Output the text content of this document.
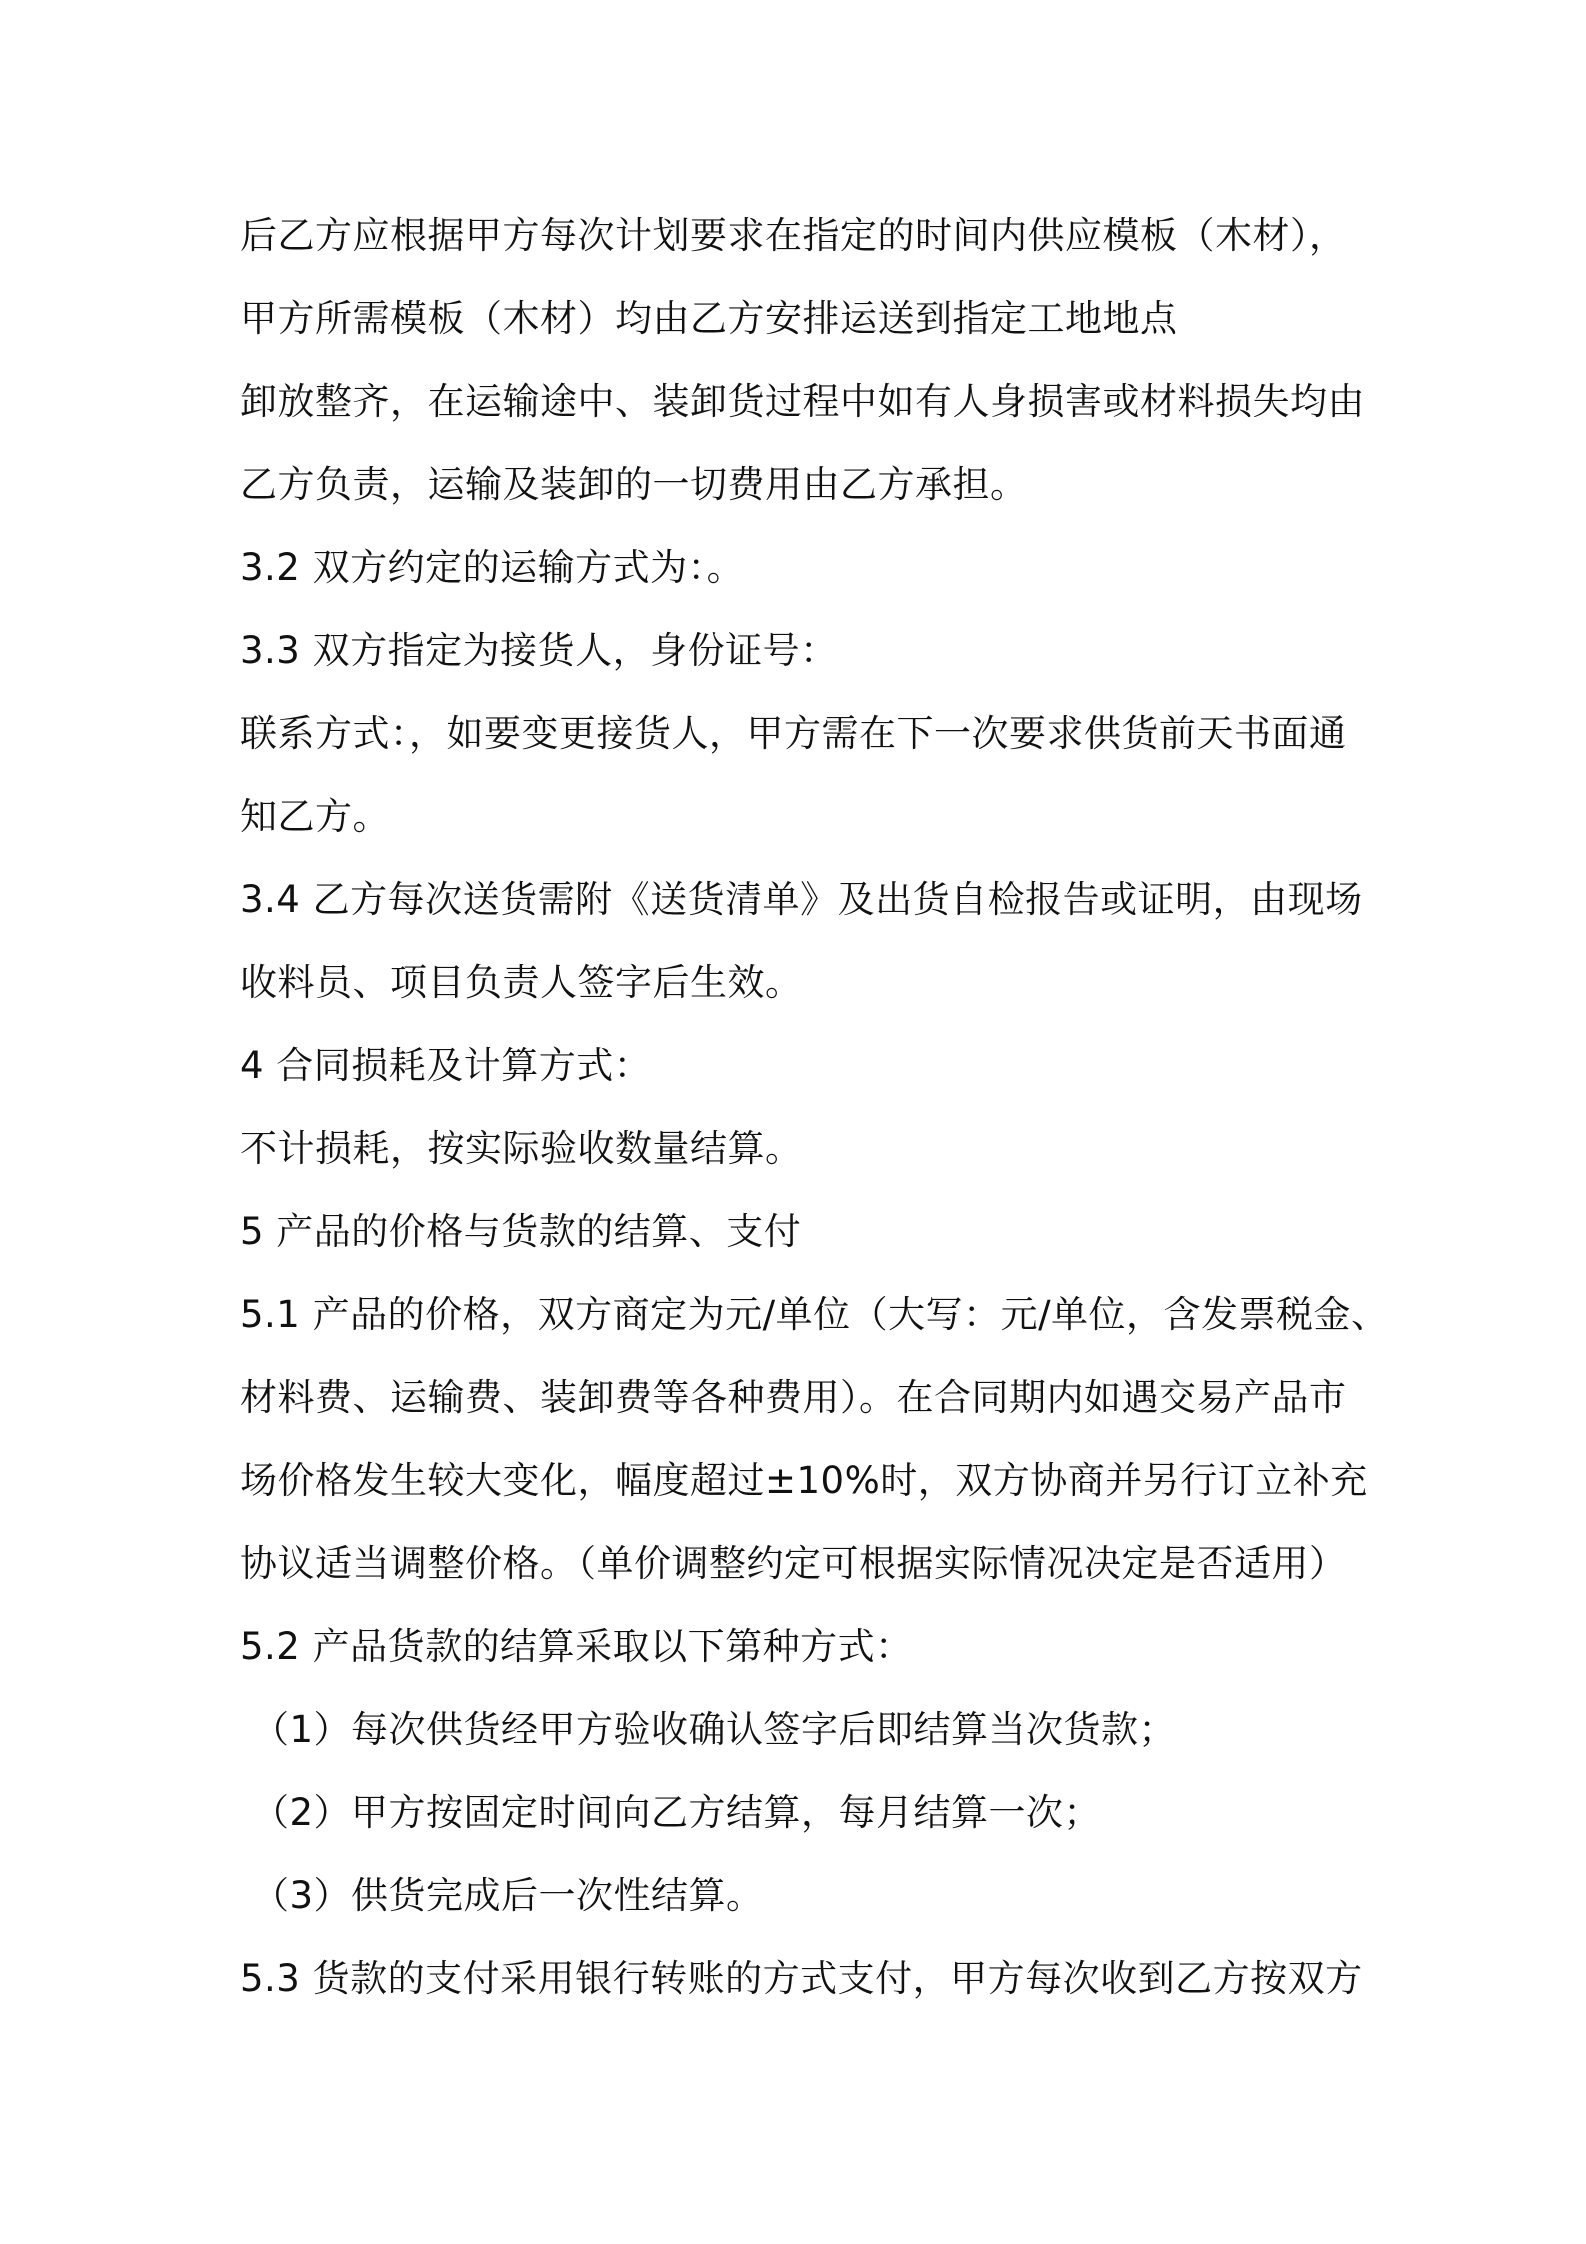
后乙方应根据甲方每次计划要求在指定的时间内供应模板（木材），
甲方所需模板（木材）均由乙方安排运送到指定工地地点
卸放整齐，在运输途中、装卸货过程中如有人身损害或材料损失均由
乙方负责，运输及装卸的一切费用由乙方承担。
3.2 双方约定的运输方式为：。
3.3 双方指定为接货人，身份证号：
联系方式：，如要变更接货人，甲方需在下一次要求供货前天书面通
知乙方。
3.4 乙方每次送货需附《送货清单》及出货自检报告或证明，由现场
收料员、项目负责人签字后生效。
4 合同损耗及计算方式：
不计损耗，按实际验收数量结算。
5 产品的价格与货款的结算、支付
5.1 产品的价格，双方商定为元/单位（大写：元/单位，含发票税金、
材料费、运输费、装卸费等各种费用）。在合同期内如遇交易产品市
场价格发生较大变化，幅度超过±10%时，双方协商并另行订立补充
协议适当调整价格。（单价调整约定可根据实际情况决定是否适用）
5.2 产品货款的结算采取以下第种方式：
（1）每次供货经甲方验收确认签字后即结算当次货款；
（2）甲方按固定时间向乙方结算，每月结算一次；
（3）供货完成后一次性结算。
5.3 货款的支付采用银行转账的方式支付，甲方每次收到乙方按双方
